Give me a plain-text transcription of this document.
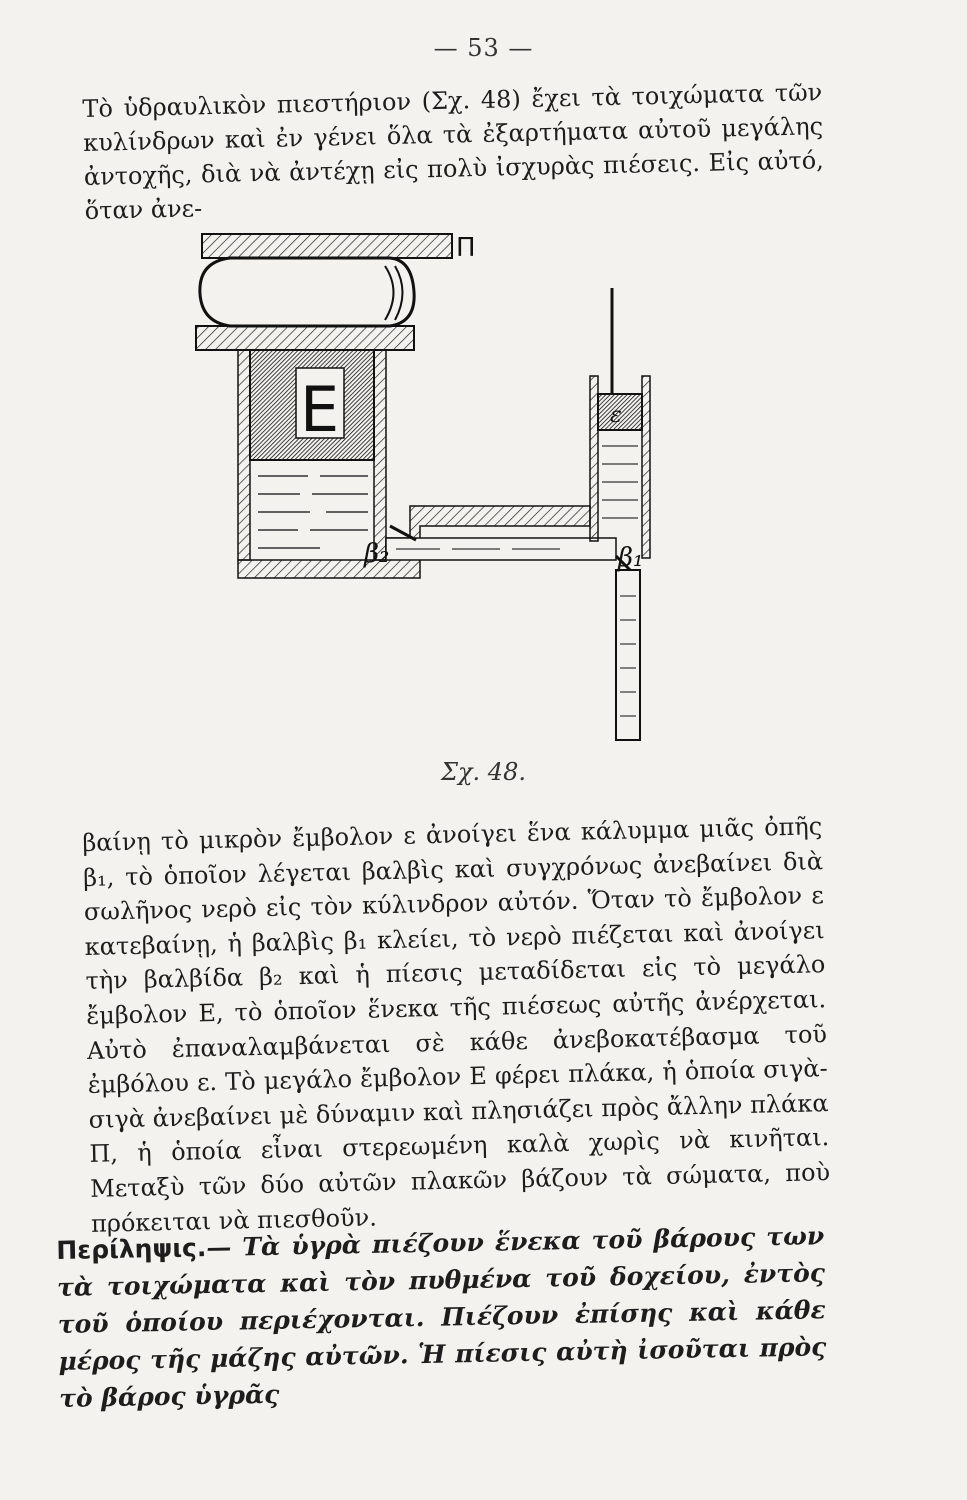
— 53 —
Τὸ ὑδραυλικὸν πιεστήριον (Σχ. 48) ἔχει τὰ τοιχώματα τῶν κυλίνδρων καὶ ἐν γένει ὅλα τὰ ἐξαρτήματα αὐτοῦ μεγάλης ἀντοχῆς, διὰ νὰ ἀντέχῃ εἰς πολὺ ἰσχυρὰς πιέσεις. Εἰς αὐτό, ὅταν ἀνε-
Π
Ε	ε
β₂	β₁
Σχ. 48.
βαίνῃ τὸ μικρὸν ἔμβολον ε ἀνοίγει ἕνα κάλυμμα μιᾶς ὀπῆς β₁, τὸ ὁποῖον λέγεται βαλβὶς καὶ συγχρόνως ἀνεβαίνει διὰ σωλῆνος νερὸ εἰς τὸν κύλινδρον αὐτόν. Ὅταν τὸ ἔμβολον ε κατεβαίνῃ, ἡ βαλβὶς β₁ κλείει, τὸ νερὸ πιέζεται καὶ ἀνοίγει τὴν βαλβίδα β₂ καὶ ἡ πίεσις μεταδίδεται εἰς τὸ μεγάλο ἔμβολον Ε, τὸ ὁποῖον ἕνεκα τῆς πιέσεως αὐτῆς ἀνέρχεται. Αὐτὸ ἐπαναλαμβάνεται σὲ κάθε ἀνεβοκατέβασμα τοῦ ἐμβόλου ε. Τὸ μεγάλο ἔμβολον Ε φέρει πλάκα, ἡ ὁποία σιγὰ-σιγὰ ἀνεβαίνει μὲ δύναμιν καὶ πλησιάζει πρὸς ἄλλην πλάκα Π, ἡ ὁποία εἶναι στερεωμένη καλὰ χωρὶς νὰ κινῆται. Μεταξὺ τῶν δύο αὐτῶν πλακῶν βάζουν τὰ σώματα, ποὺ πρόκειται νὰ πιεσθοῦν.
Περίληψις.— Τὰ ὑγρὰ πιέζουν ἕνεκα τοῦ βάρους των τὰ τοιχώματα καὶ τὸν πυθμένα τοῦ δοχείου, ἐντὸς τοῦ ὁποίου περιέχονται. Πιέζουν ἐπίσης καὶ κάθε μέρος τῆς μάζης αὐτῶν. Ἡ πίεσις αὐτὴ ἰσοῦται πρὸς τὸ βάρος ὑγρᾶς
